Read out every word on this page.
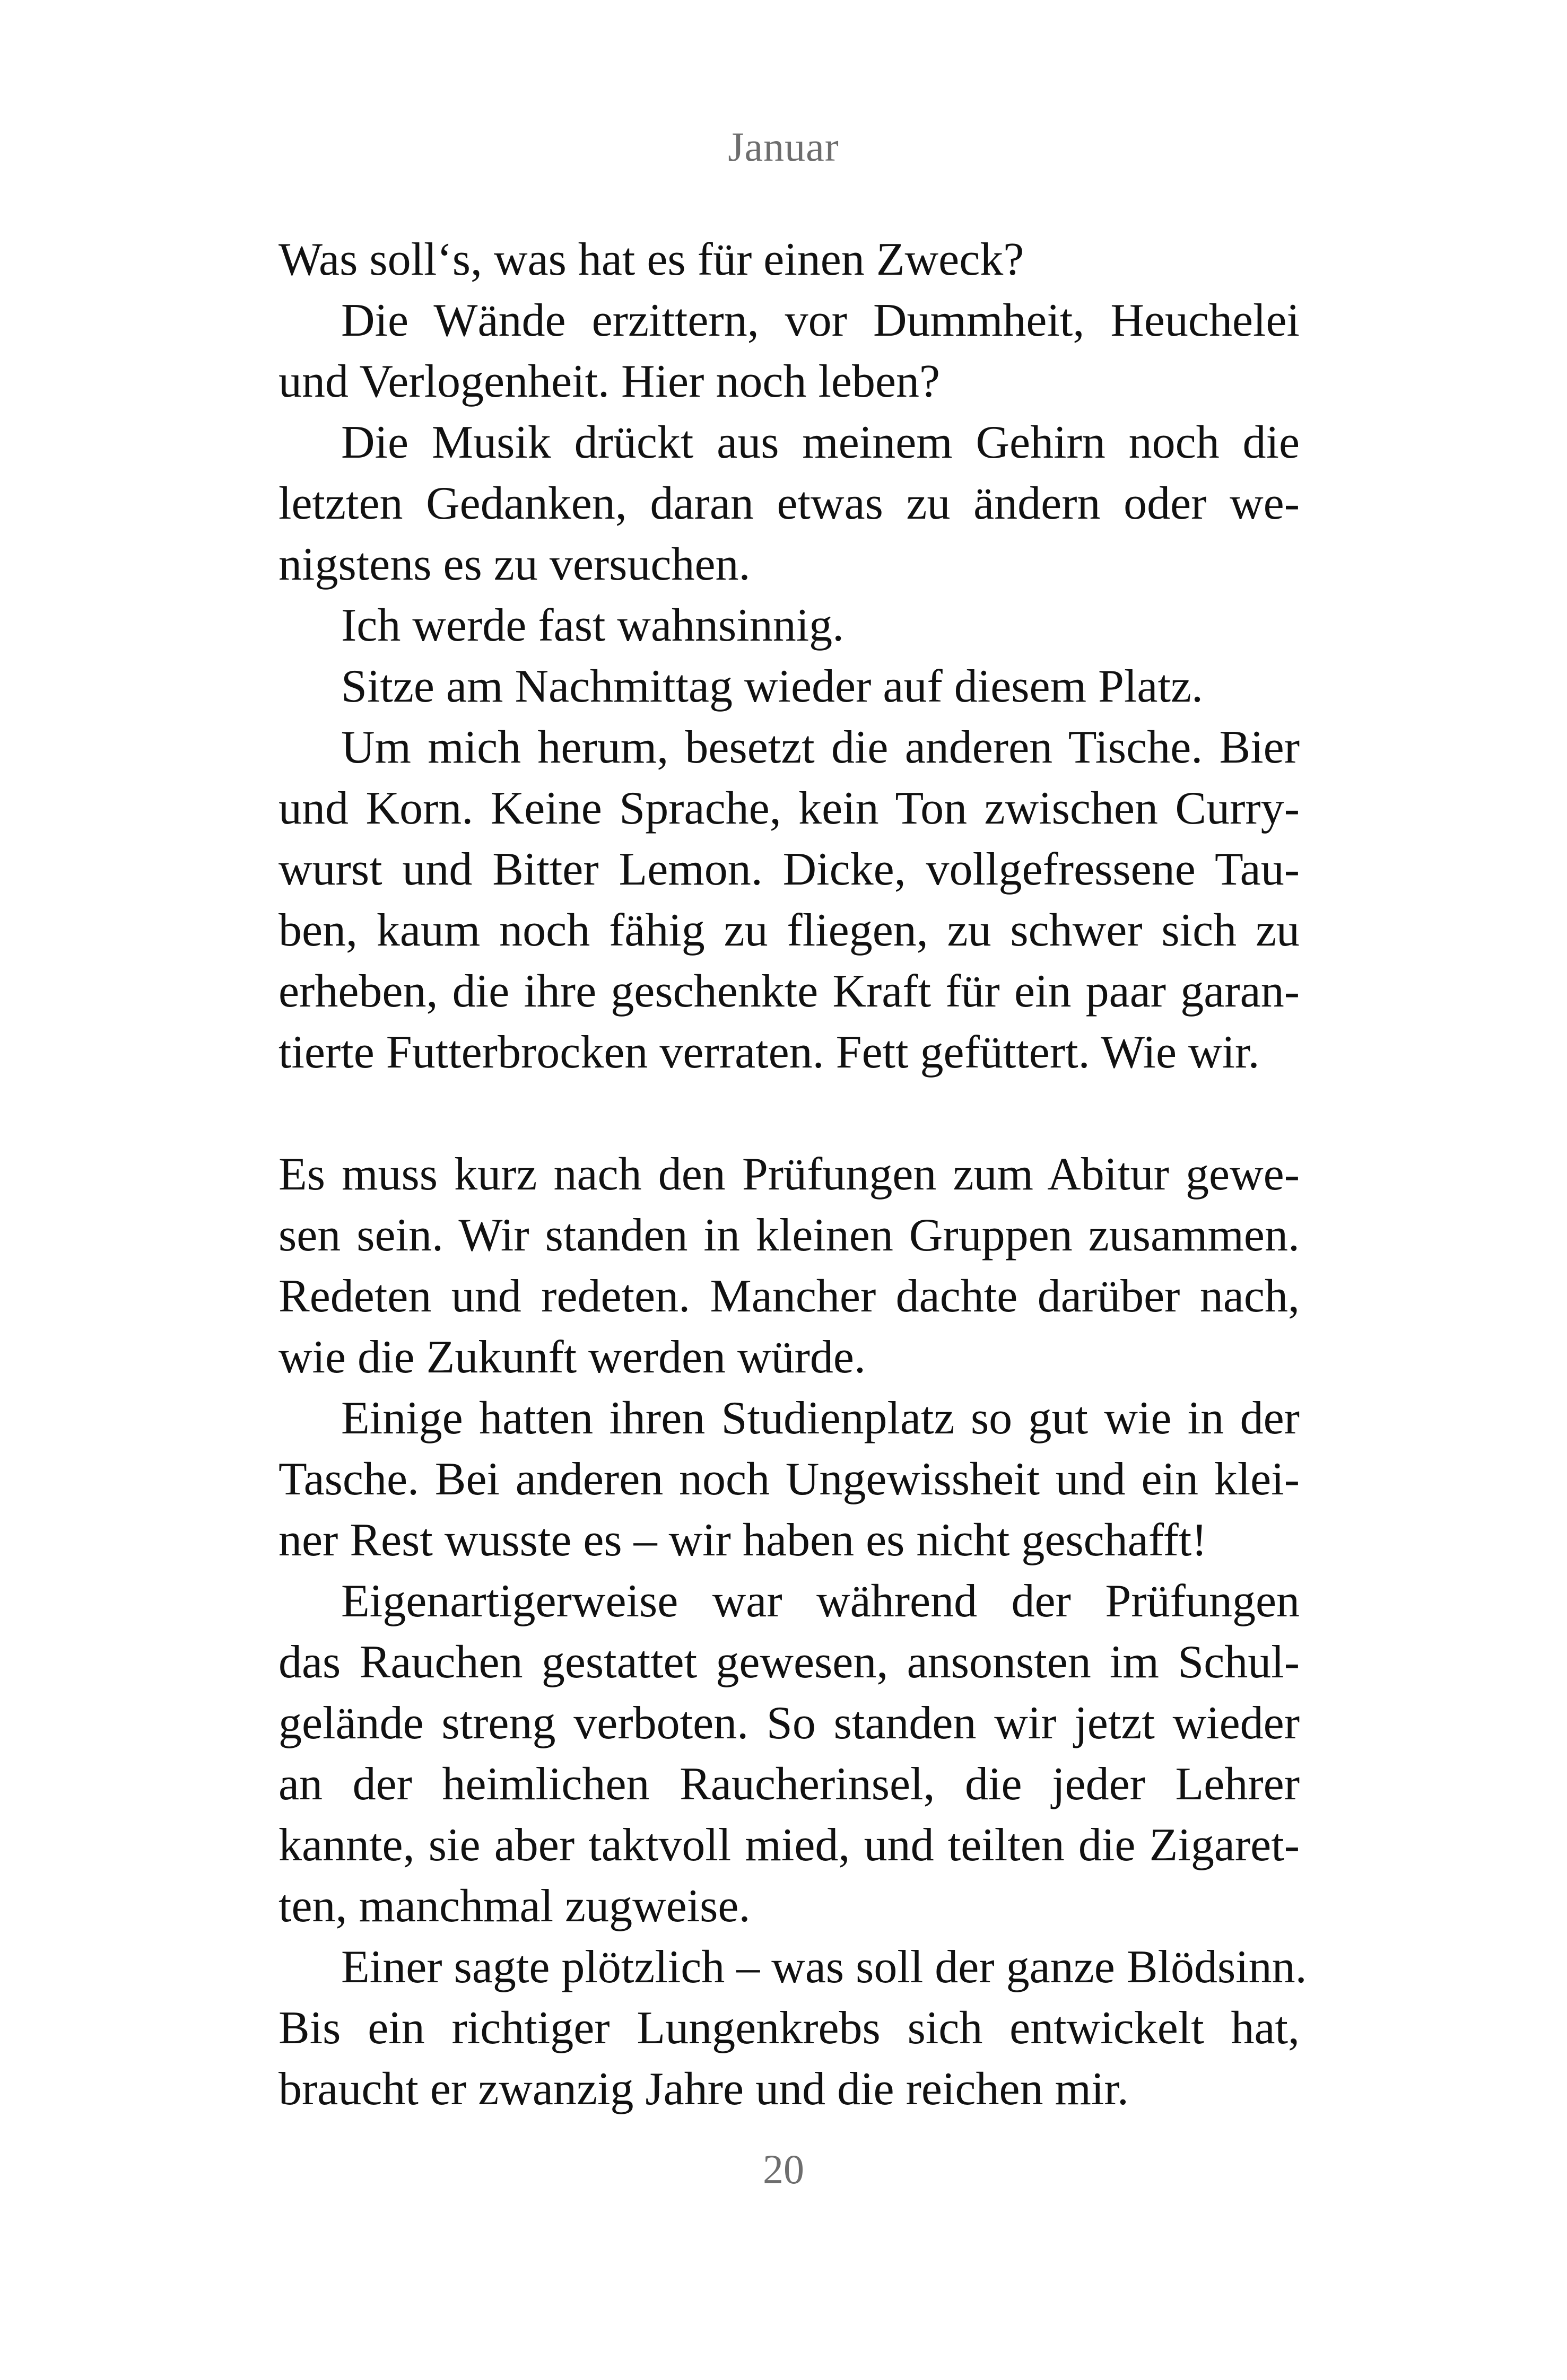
Januar
Was soll‘s, was hat es für einen Zweck?
Die Wände erzittern, vor Dummheit, Heuchelei
und Verlogenheit. Hier noch leben?
Die Musik drückt aus meinem Gehirn noch die
letzten Gedanken, daran etwas zu ändern oder we-
nigstens es zu versuchen.
Ich werde fast wahnsinnig.
Sitze am Nachmittag wieder auf diesem Platz.
Um mich herum, besetzt die anderen Tische. Bier
und Korn. Keine Sprache, kein Ton zwischen Curry-
wurst und Bitter Lemon. Dicke, vollgefressene Tau-
ben, kaum noch fähig zu fliegen, zu schwer sich zu
erheben, die ihre geschenkte Kraft für ein paar garan-
tierte Futterbrocken verraten. Fett gefüttert. Wie wir.
Es muss kurz nach den Prüfungen zum Abitur gewe-
sen sein. Wir standen in kleinen Gruppen zusammen.
Redeten und redeten. Mancher dachte darüber nach,
wie die Zukunft werden würde.
Einige hatten ihren Studienplatz so gut wie in der
Tasche. Bei anderen noch Ungewissheit und ein klei-
ner Rest wusste es – wir haben es nicht geschafft!
Eigenartigerweise war während der Prüfungen
das Rauchen gestattet gewesen, ansonsten im Schul-
gelände streng verboten. So standen wir jetzt wieder
an der heimlichen Raucherinsel, die jeder Lehrer
kannte, sie aber taktvoll mied, und teilten die Zigaret-
ten, manchmal zugweise.
Einer sagte plötzlich – was soll der ganze Blödsinn.
Bis ein richtiger Lungenkrebs sich entwickelt hat,
braucht er zwanzig Jahre und die reichen mir.
20
